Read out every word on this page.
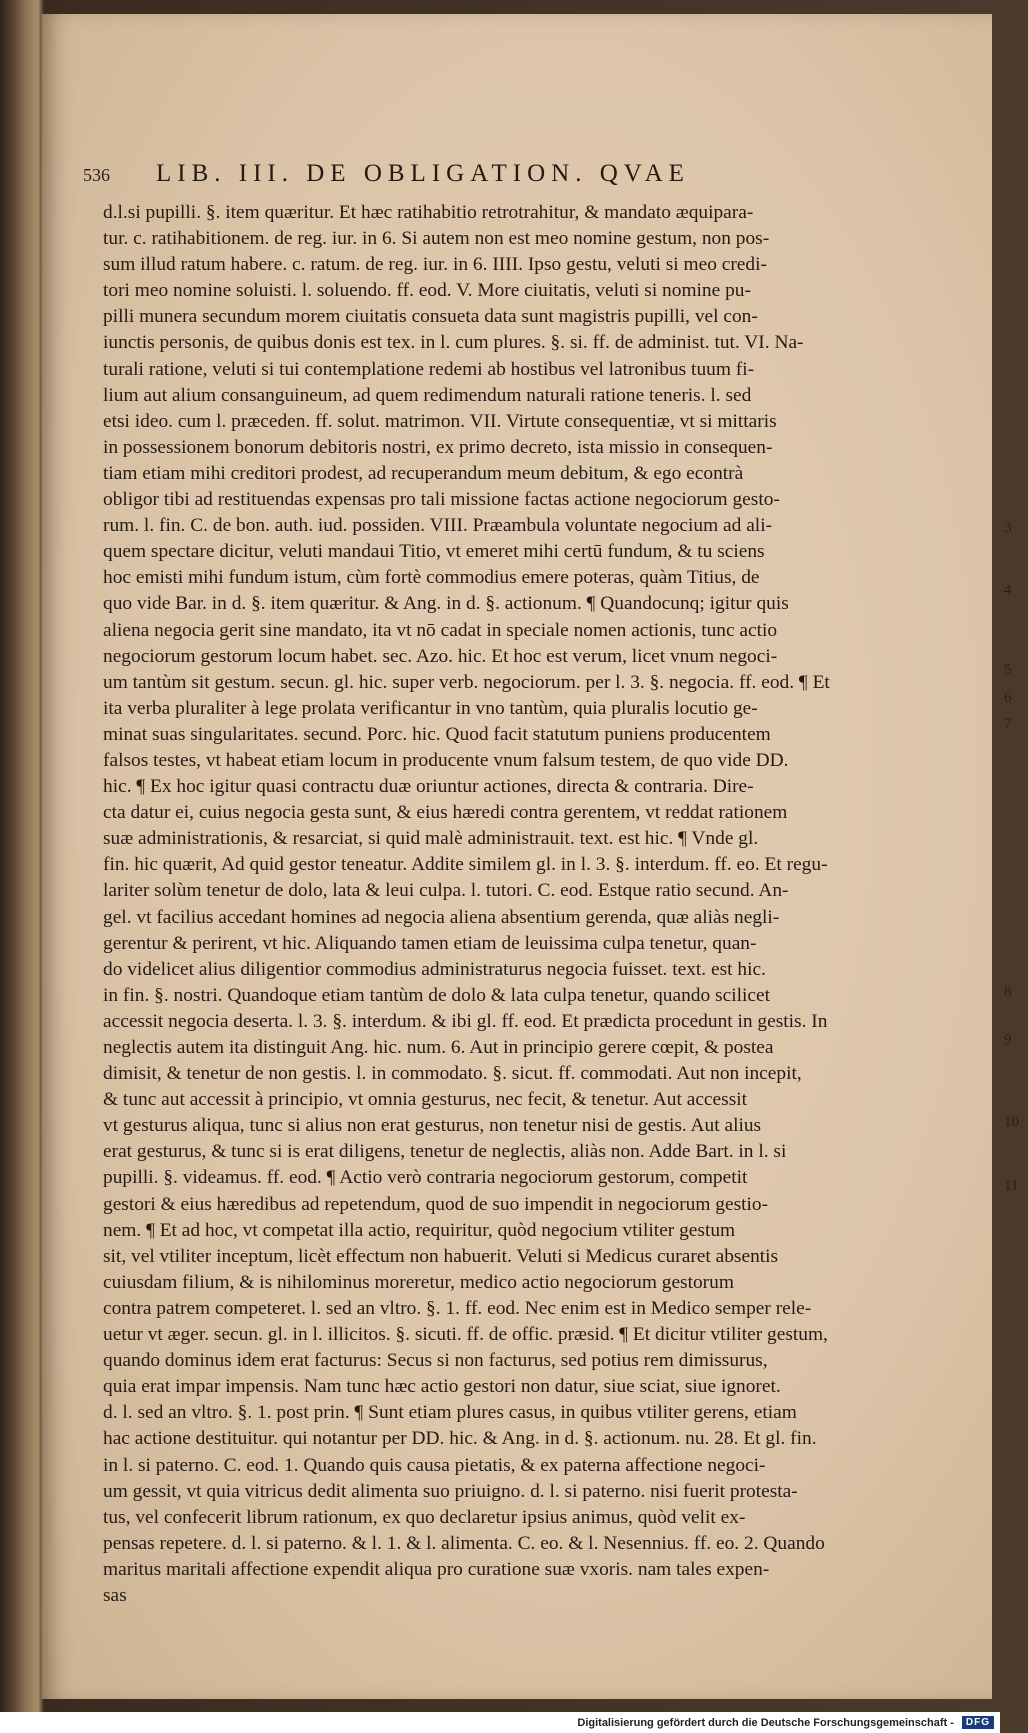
536 LIB. III. DE OBLIGATION. QVAE
d.l.si pupilli. §. item quæritur. Et hæc ratihabitio retrotrahitur, & mandato æquipara-
tur. c. ratihabitionem. de reg. iur. in 6. Si autem non est meo nomine gestum, non pos-
sum illud ratum habere. c. ratum. de reg. iur. in 6. IIII. Ipso gestu, veluti si meo credi-
tori meo nomine soluisti. l. soluendo. ff. eod. V. More ciuitatis, veluti si nomine pu-
pilli munera secundum morem ciuitatis consueta data sunt magistris pupilli, vel con-
iunctis personis, de quibus donis est tex. in l. cum plures. §. si. ff. de administ. tut. VI. Na-
turali ratione, veluti si tui contemplatione redemi ab hostibus vel latronibus tuum fi-
lium aut alium consanguineum, ad quem redimendum naturali ratione teneris. l. sed
etsi ideo. cum l. præceden. ff. solut. matrimon. VII. Virtute consequentiæ, vt si mittaris
in possessionem bonorum debitoris nostri, ex primo decreto, ista missio in consequen-
tiam etiam mihi creditori prodest, ad recuperandum meum debitum, & ego econtrà
obligor tibi ad restituendas expensas pro tali missione factas actione negociorum gesto-
rum. l. fin. C. de bon. auth. iud. possiden. VIII. Præambula voluntate negocium ad ali-
quem spectare dicitur, veluti mandaui Titio, vt emeret mihi certū fundum, & tu sciens
hoc emisti mihi fundum istum, cùm fortè commodius emere poteras, quàm Titius, de
quo vide Bar. in d. §. item quæritur. & Ang. in d. §. actionum. ¶ Quandocunq; igitur quis
aliena negocia gerit sine mandato, ita vt nō cadat in speciale nomen actionis, tunc actio
negociorum gestorum locum habet. sec. Azo. hic. Et hoc est verum, licet vnum negoci-
um tantùm sit gestum. secun. gl. hic. super verb. negociorum. per l. 3. §. negocia. ff. eod. ¶ Et
ita verba pluraliter à lege prolata verificantur in vno tantùm, quia pluralis locutio ge-
minat suas singularitates. secund. Porc. hic. Quod facit statutum puniens producentem
falsos testes, vt habeat etiam locum in producente vnum falsum testem, de quo vide DD.
hic. ¶ Ex hoc igitur quasi contractu duæ oriuntur actiones, directa & contraria. Dire-
cta datur ei, cuius negocia gesta sunt, & eius hæredi contra gerentem, vt reddat rationem
suæ administrationis, & resarciat, si quid malè administrauit. text. est hic. ¶ Vnde gl.
fin. hic quærit, Ad quid gestor teneatur. Addite similem gl. in l. 3. §. interdum. ff. eo. Et regu-
lariter solùm tenetur de dolo, lata & leui culpa. l. tutori. C. eod. Estque ratio secund. An-
gel. vt facilius accedant homines ad negocia aliena absentium gerenda, quæ aliàs negli-
gerentur & perirent, vt hic. Aliquando tamen etiam de leuissima culpa tenetur, quan-
do videlicet alius diligentior commodius administraturus negocia fuisset. text. est hic.
in fin. §. nostri. Quandoque etiam tantùm de dolo & lata culpa tenetur, quando scilicet
accessit negocia deserta. l. 3. §. interdum. & ibi gl. ff. eod. Et prædicta procedunt in gestis. In
neglectis autem ita distinguit Ang. hic. num. 6. Aut in principio gerere cœpit, & postea
dimisit, & tenetur de non gestis. l. in commodato. §. sicut. ff. commodati. Aut non incepit,
& tunc aut accessit à principio, vt omnia gesturus, nec fecit, & tenetur. Aut accessit
vt gesturus aliqua, tunc si alius non erat gesturus, non tenetur nisi de gestis. Aut alius
erat gesturus, & tunc si is erat diligens, tenetur de neglectis, aliàs non. Adde Bart. in l. si
pupilli. §. videamus. ff. eod. ¶ Actio verò contraria negociorum gestorum, competit
gestori & eius hæredibus ad repetendum, quod de suo impendit in negociorum gestio-
nem. ¶ Et ad hoc, vt competat illa actio, requiritur, quòd negocium vtiliter gestum
sit, vel vtiliter inceptum, licèt effectum non habuerit. Veluti si Medicus curaret absentis
cuiusdam filium, & is nihilominus moreretur, medico actio negociorum gestorum
contra patrem competeret. l. sed an vltro. §. 1. ff. eod. Nec enim est in Medico semper rele-
uetur vt æger. secun. gl. in l. illicitos. §. sicuti. ff. de offic. præsid. ¶ Et dicitur vtiliter gestum,
quando dominus idem erat facturus: Secus si non facturus, sed potius rem dimissurus,
quia erat impar impensis. Nam tunc hæc actio gestori non datur, siue sciat, siue ignoret.
d. l. sed an vltro. §. 1. post prin. ¶ Sunt etiam plures casus, in quibus vtiliter gerens, etiam
hac actione destituitur. qui notantur per DD. hic. & Ang. in d. §. actionum. nu. 28. Et gl. fin.
in l. si paterno. C. eod. 1. Quando quis causa pietatis, & ex paterna affectione negoci-
um gessit, vt quia vitricus dedit alimenta suo priuigno. d. l. si paterno. nisi fuerit protesta-
tus, vel confecerit librum rationum, ex quo declaretur ipsius animus, quòd velit ex-
pensas repetere. d. l. si paterno. & l. 1. & l. alimenta. C. eo. & l. Nesennius. ff. eo. 2. Quando
maritus maritali affectione expendit aliqua pro curatione suæ vxoris. nam tales expen-
sas
3
4
5
6
7
8
9
10
11
Digitalisierung gefördert durch die Deutsche Forschungsgemeinschaft -	DFG
